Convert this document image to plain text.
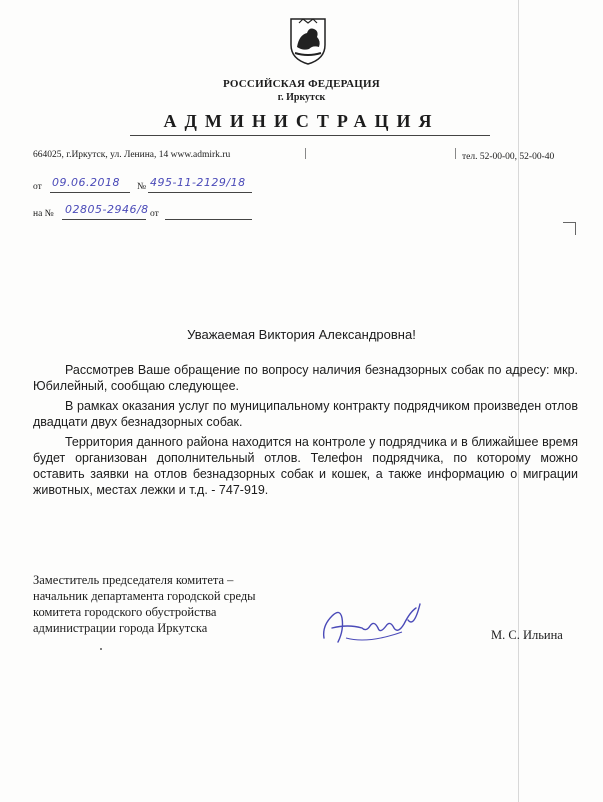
РОССИЙСКАЯ ФЕДЕРАЦИЯ
г. Иркутск
АДМИНИСТРАЦИЯ
664025, г.Иркутск, ул. Ленина, 14 www.admirk.ru	тел. 52-00-00, 52-00-40
от 09.06.2018 № 495-11-2129/18
на № 02805-2946/8 от
Уважаемая Виктория Александровна!

Рассмотрев Ваше обращение по вопросу наличия безнадзорных собак по адресу: мкр. Юбилейный, сообщаю следующее.

В рамках оказания услуг по муниципальному контракту подрядчиком произведен отлов двадцати двух безнадзорных собак.

Территория данного района находится на контроле у подрядчика и в ближайшее время будет организован дополнительный отлов. Телефон подрядчика, по которому можно оставить заявки на отлов безнадзорных собак и кошек, а также информацию о миграции животных, местах лежки и т.д. - 747-919.

Заместитель председателя комитета –
начальник департамента городской среды
комитета городского обустройства
администрации города Иркутска	М. С. Ильина
